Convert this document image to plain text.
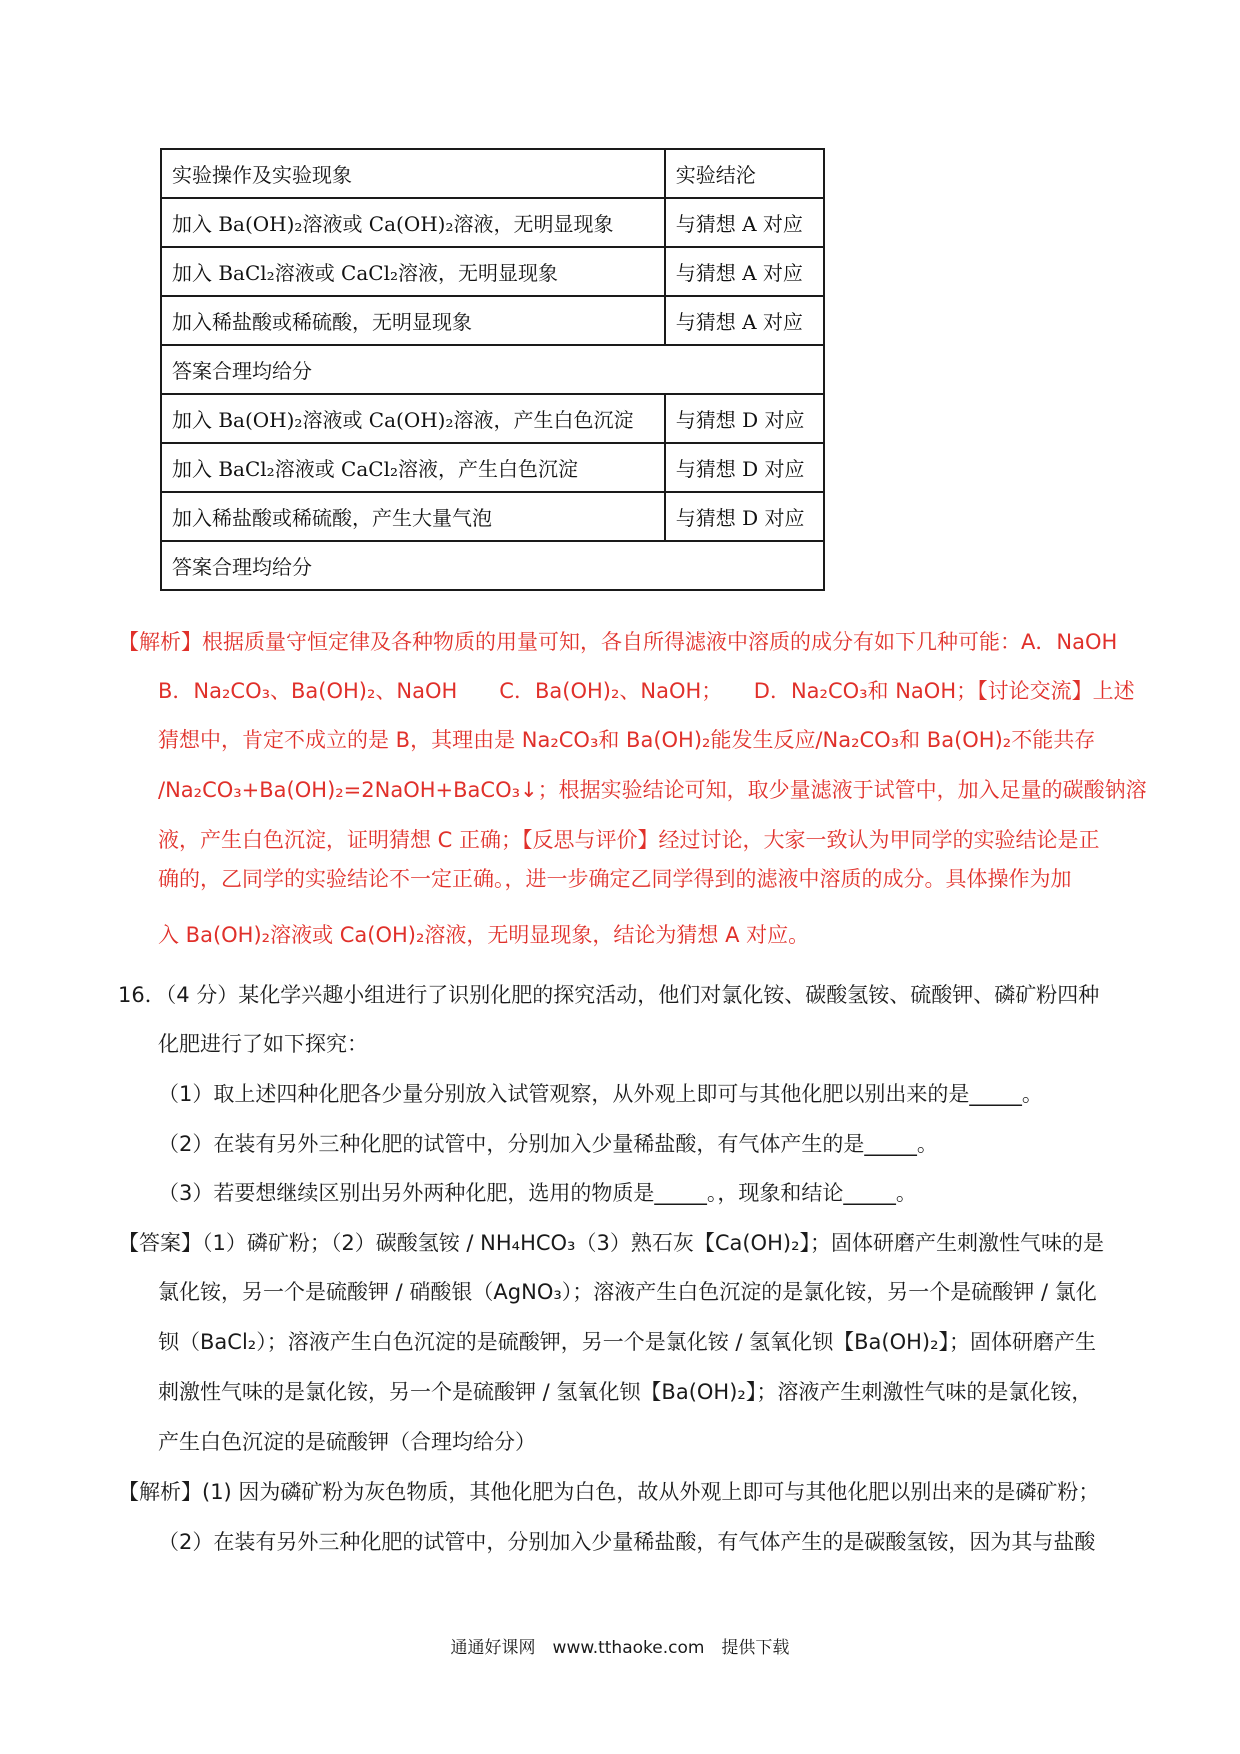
实验操作及实验现象	实验结沦
加入 Ba(OH)₂溶液或 Ca(OH)₂溶液，无明显现象	与猜想 A 对应
加入 BaCl₂溶液或 CaCl₂溶液，无明显现象	与猜想 A 对应
加入稀盐酸或稀硫酸，无明显现象	与猜想 A 对应
答案合理均给分	
加入 Ba(OH)₂溶液或 Ca(OH)₂溶液，产生白色沉淀	与猜想 D 对应
加入 BaCl₂溶液或 CaCl₂溶液，产生白色沉淀	与猜想 D 对应
加入稀盐酸或稀硫酸，产生大量气泡	与猜想 D 对应
答案合理均给分	
【解析】根据质量守恒定律及各种物质的用量可知，各自所得滤液中溶质的成分有如下几种可能：A．NaOH
B．Na₂CO₃、Ba(OH)₂、NaOH　　C．Ba(OH)₂、NaOH；　　D．Na₂CO₃和 NaOH；【讨论交流】上述
猜想中，肯定不成立的是 B，其理由是 Na₂CO₃和 Ba(OH)₂能发生反应/Na₂CO₃和 Ba(OH)₂不能共存
/Na₂CO₃+Ba(OH)₂=2NaOH+BaCO₃↓；根据实验结论可知，取少量滤液于试管中，加入足量的碳酸钠溶
液，产生白色沉淀，证明猜想 C 正确；【反思与评价】经过讨论，大家一致认为甲同学的实验结论是正
确的，乙同学的实验结论不一定正确。，进一步确定乙同学得到的滤液中溶质的成分。具体操作为加
入 Ba(OH)₂溶液或 Ca(OH)₂溶液，无明显现象，结论为猜想 A 对应。
16．（4 分）某化学兴趣小组进行了识别化肥的探究活动，他们对氯化铵、碳酸氢铵、硫酸钾、磷矿粉四种
化肥进行了如下探究：
（1）取上述四种化肥各少量分别放入试管观察，从外观上即可与其他化肥以别出来的是_____。
（2）在装有另外三种化肥的试管中，分别加入少量稀盐酸，有气体产生的是_____。
（3）若要想继续区别出另外两种化肥，选用的物质是_____。，现象和结论_____。
【答案】（1）磷矿粉；（2）碳酸氢铵 / NH₄HCO₃（3）熟石灰【Ca(OH)₂】；固体研磨产生刺激性气味的是
氯化铵，另一个是硫酸钾 / 硝酸银（AgNO₃）；溶液产生白色沉淀的是氯化铵，另一个是硫酸钾 / 氯化
钡（BaCl₂）；溶液产生白色沉淀的是硫酸钾，另一个是氯化铵 / 氢氧化钡【Ba(OH)₂】；固体研磨产生
刺激性气味的是氯化铵，另一个是硫酸钾 / 氢氧化钡【Ba(OH)₂】；溶液产生刺激性气味的是氯化铵，
产生白色沉淀的是硫酸钾（合理均给分）
【解析】(1) 因为磷矿粉为灰色物质，其他化肥为白色，故从外观上即可与其他化肥以别出来的是磷矿粉；
（2）在装有另外三种化肥的试管中，分别加入少量稀盐酸，有气体产生的是碳酸氢铵，因为其与盐酸
通通好课网　www.tthaoke.com　提供下载
